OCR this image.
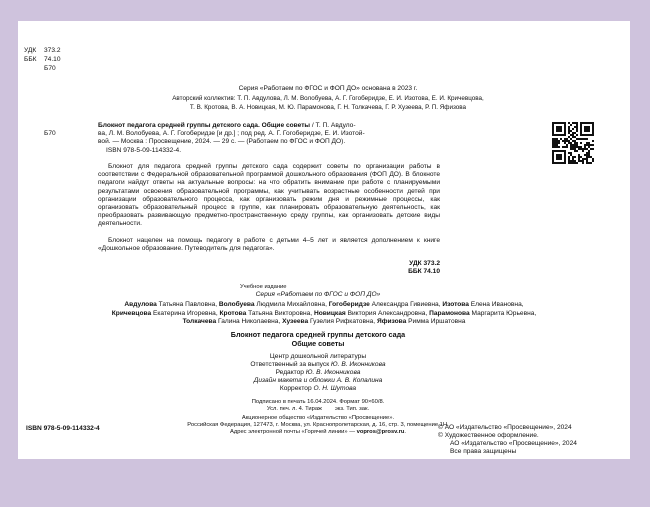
УДК 373.2
ББК 74.10
Б70
Серия «Работаем по ФГОС и ФОП ДО» основана в 2023 г.
Авторский коллектив: Т. П. Авдулова, Л. М. Волобуева, А. Г. Гогоберидзе, Е. И. Изотова, Е. И. Кричевцова,
Т. В. Кротова, В. А. Новицкая, М. Ю. Парамонова, Г. Н. Толкачева, Г. Р. Хузеева, Р. П. Яфизова
Б70
Блокнот педагога средней группы детского сада. Общие советы / Т. П. Авдуло-
ва, Л. М. Волобуева, А. Г. Гогоберидзе [и др.] ; под ред. А. Г. Гогоберидзе, Е. И. Изотой-
вой. — Москва : Просвещение, 2024. — 29 с. — (Работаем по ФГОС и ФОП ДО).
ISBN 978-5-09-114332-4.
Блокнот для педагога средней группы детского сада содержит советы по организации работы в соответствии с Федеральной образовательной программой дошкольного образования (ФОП ДО). В блокноте педагоги найдут ответы на актуальные вопросы: на что обратить внимание при работе с планируемыми результатами освоения образовательной программы, как учитывать возрастные особенности детей при организации образовательного процесса, как организовать режим дня и режимные процессы, как организовать образовательный процесс в группе, как планировать образовательную деятельность, как преобразовать развивающую предметно-пространственную среду группы, как организовать детские виды деятельности.
Блокнот нацелен на помощь педагогу в работе с детьми 4–5 лет и является дополнением к книге «Дошкольное образование. Путеводитель для педагога».
УДК 373.2
ББК 74.10
Учебное издание
Серия «Работаем по ФГОС и ФОП ДО»
Авдулова Татьяна Павловна, Волобуева Людмила Михайловна, Гогоберидзе Александра Гивиевна, Изотова Елена Ивановна,
Кричевцова Екатерина Игоревна, Кротова Татьяна Викторовна, Новицкая Виктория Александровна, Парамонова Маргарита Юрьевна,
Толкачева Галина Николаевна, Хузеева Гузелия Рифкатовна, Яфизова Римма Иршатовна
Блокнот педагога средней группы детского сада
Общие советы
Центр дошкольной литературы
Ответственный за выпуск Ю. В. Иконникова
Редактор Ю. В. Иконникова
Дизайн макета и обложки А. В. Копалина
Корректор О. Н. Шутова
Подписано в печать 16.04.2024. Формат 90×60/8.
Усл. печ. л. 4. Тираж        экз. Тип. зак.
Акционерное общество «Издательство «Просвещение».
Российская Федерация, 127473, г. Москва, ул. Краснопролетарская, д. 16, стр. 3, помещение 1Н.
Адрес электронной почты «Горячей линии» — vopros@prosv.ru.
ISBN 978-5-09-114332-4	© АО «Издательство «Просвещение», 2024
© Художественное оформление.
АО «Издательство «Просвещение», 2024
Все права защищены
